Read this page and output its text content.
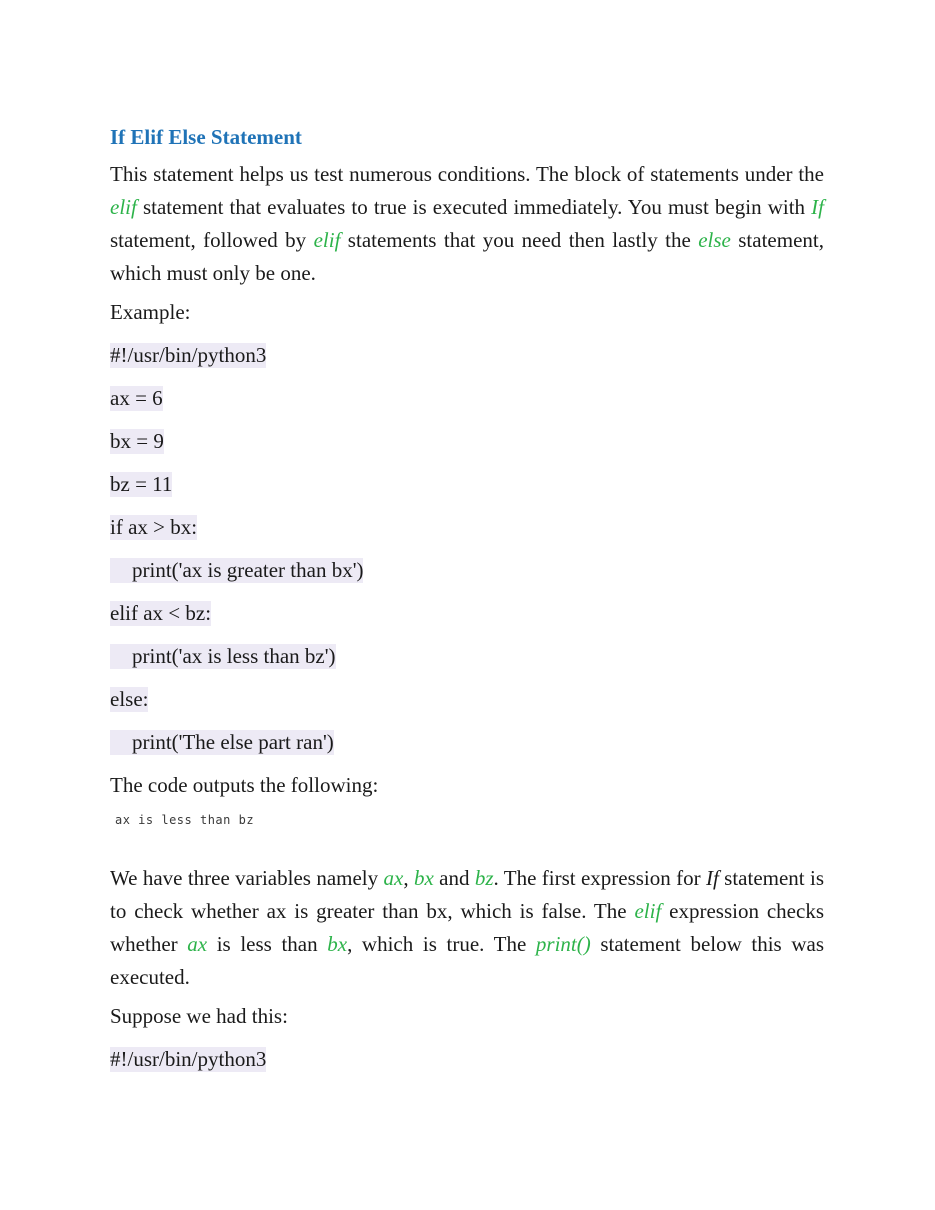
If Elif Else Statement

This statement helps us test numerous conditions. The block of statements under the elif statement that evaluates to true is executed immediately. You must begin with If statement, followed by elif statements that you need then lastly the else statement, which must only be one.

Example:
#!/usr/bin/python3
ax = 6
bx = 9
bz = 11
if ax > bx:
print('ax is greater than bx')
elif ax < bz:
print('ax is less than bz')
else:
print('The else part ran')
The code outputs the following:
ax is less than bz

We have three variables namely ax, bx and bz. The first expression for If statement is to check whether ax is greater than bx, which is false. The elif expression checks whether ax is less than bx, which is true. The print() statement below this was executed.

Suppose we had this:
#!/usr/bin/python3
